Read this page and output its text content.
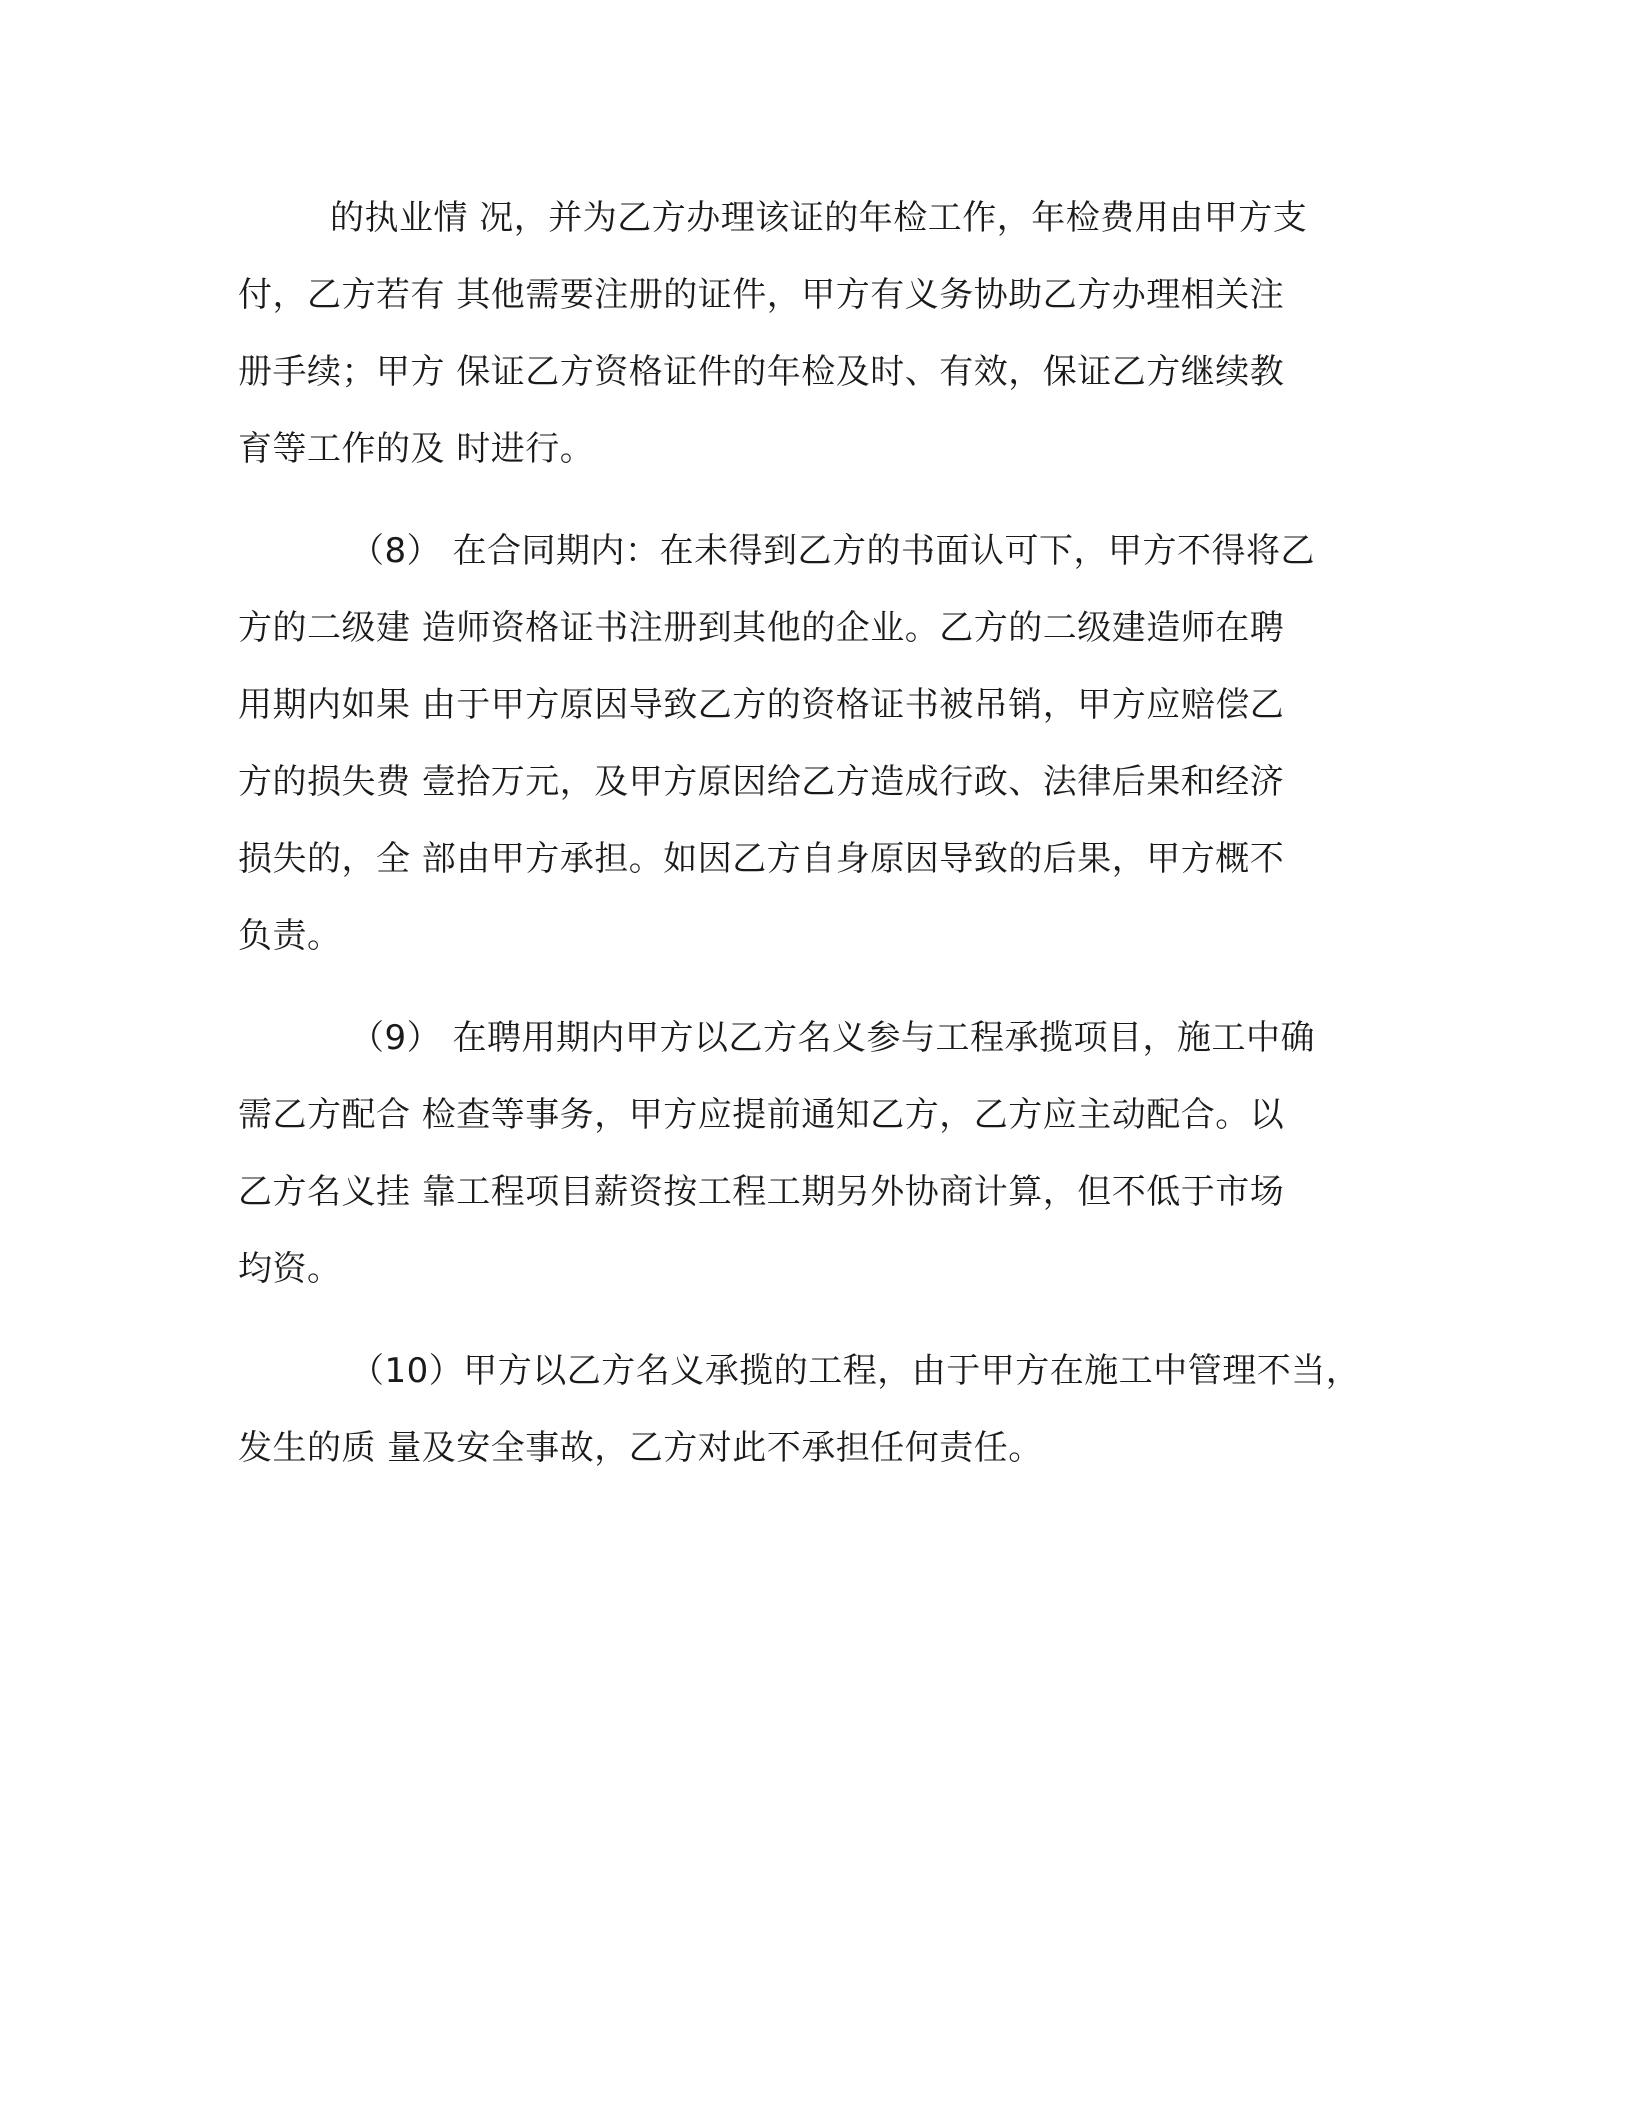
的执业情 况，并为乙方办理该证的年检工作，年检费用由甲方支
付，乙方若有 其他需要注册的证件，甲方有义务协助乙方办理相关注
册手续；甲方 保证乙方资格证件的年检及时、有效，保证乙方继续教
育等工作的及 时进行。
（8） 在合同期内：在未得到乙方的书面认可下，甲方不得将乙
方的二级建 造师资格证书注册到其他的企业。乙方的二级建造师在聘
用期内如果 由于甲方原因导致乙方的资格证书被吊销，甲方应赔偿乙
方的损失费 壹拾万元，及甲方原因给乙方造成行政、法律后果和经济
损失的，全 部由甲方承担。如因乙方自身原因导致的后果，甲方概不
负责。
（9） 在聘用期内甲方以乙方名义参与工程承揽项目，施工中确
需乙方配合 检查等事务，甲方应提前通知乙方，乙方应主动配合。以
乙方名义挂 靠工程项目薪资按工程工期另外协商计算，但不低于市场
均资。
（10）甲方以乙方名义承揽的工程，由于甲方在施工中管理不当，
发生的质 量及安全事故，乙方对此不承担任何责任。
